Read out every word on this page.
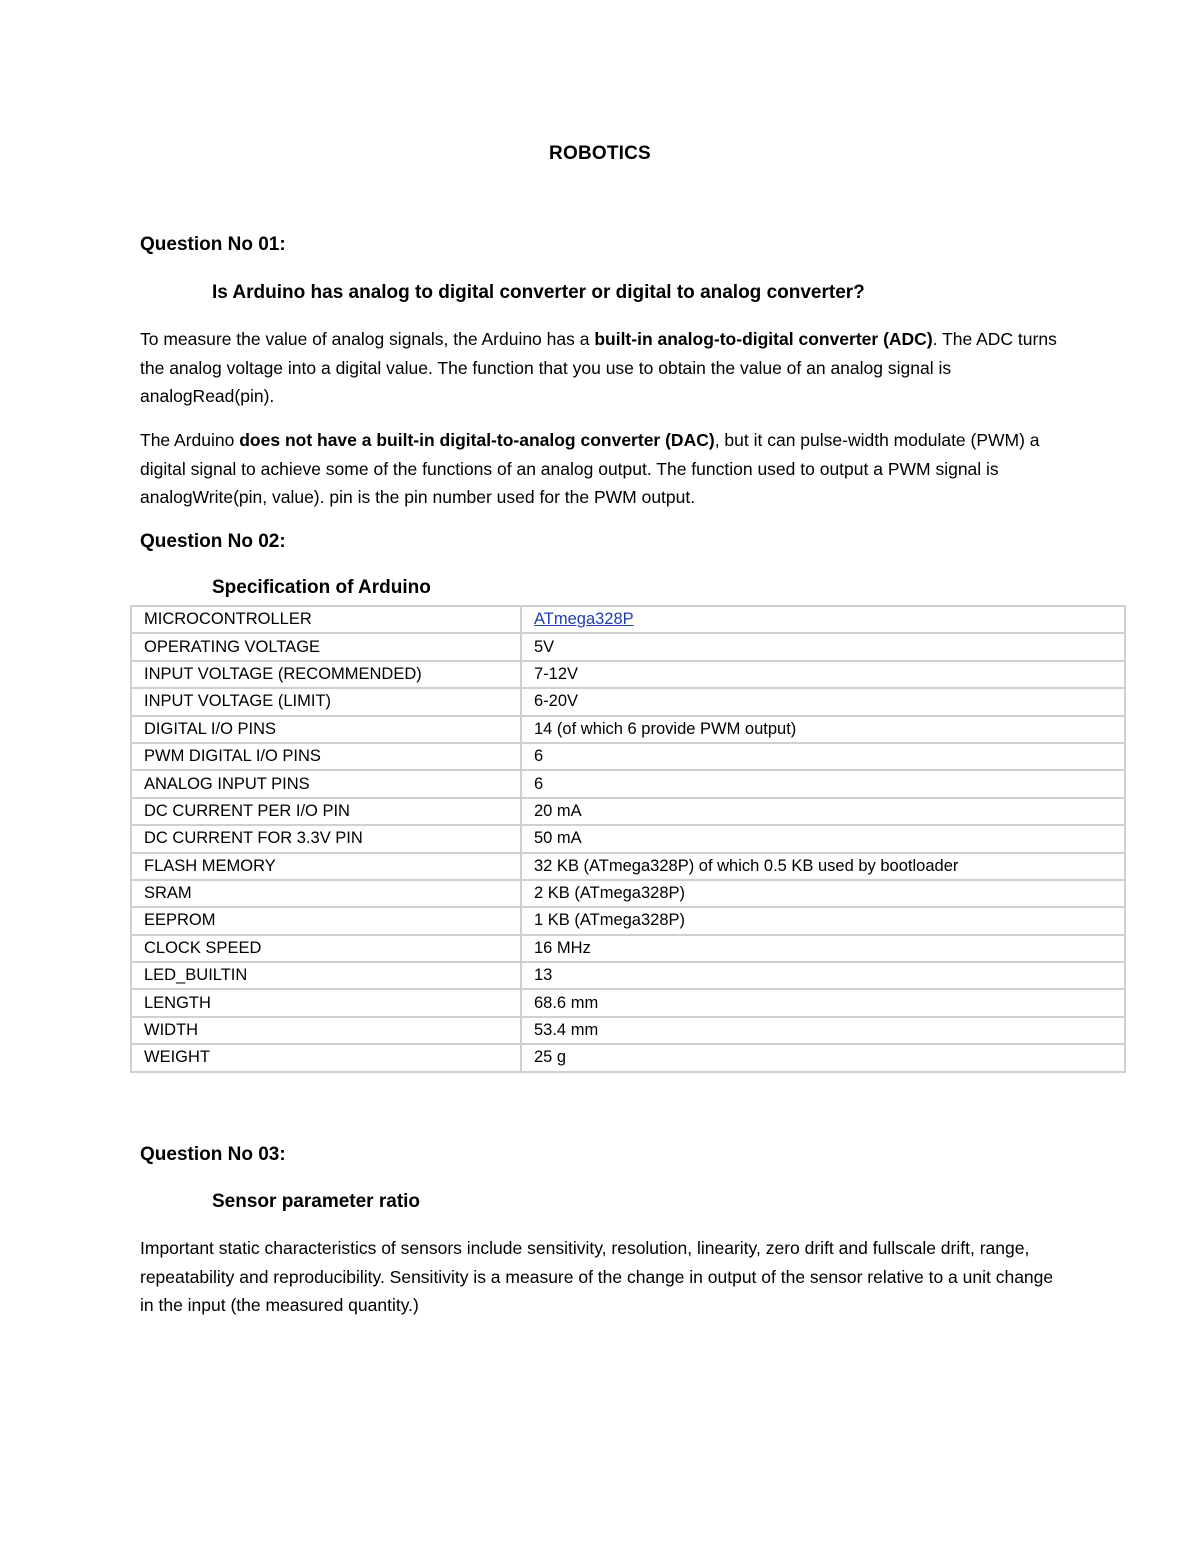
ROBOTICS
Question No 01:
Is Arduino has analog to digital converter or digital to analog converter?
To measure the value of analog signals, the Arduino has a built-in analog-to-digital converter (ADC). The ADC turns the analog voltage into a digital value. The function that you use to obtain the value of an analog signal is analogRead(pin).
The Arduino does not have a built-in digital-to-analog converter (DAC), but it can pulse-width modulate (PWM) a digital signal to achieve some of the functions of an analog output. The function used to output a PWM signal is analogWrite(pin, value). pin is the pin number used for the PWM output.
Question No 02:
Specification of Arduino
MICROCONTROLLER	ATmega328P
OPERATING VOLTAGE	5V
INPUT VOLTAGE (RECOMMENDED)	7-12V
INPUT VOLTAGE (LIMIT)	6-20V
DIGITAL I/O PINS	14 (of which 6 provide PWM output)
PWM DIGITAL I/O PINS	6
ANALOG INPUT PINS	6
DC CURRENT PER I/O PIN	20 mA
DC CURRENT FOR 3.3V PIN	50 mA
FLASH MEMORY	32 KB (ATmega328P) of which 0.5 KB used by bootloader
SRAM	2 KB (ATmega328P)
EEPROM	1 KB (ATmega328P)
CLOCK SPEED	16 MHz
LED_BUILTIN	13
LENGTH	68.6 mm
WIDTH	53.4 mm
WEIGHT	25 g
Question No 03:
Sensor parameter ratio
Important static characteristics of sensors include sensitivity, resolution, linearity, zero drift and fullscale drift, range, repeatability and reproducibility. Sensitivity is a measure of the change in output of the sensor relative to a unit change in the input (the measured quantity.)
